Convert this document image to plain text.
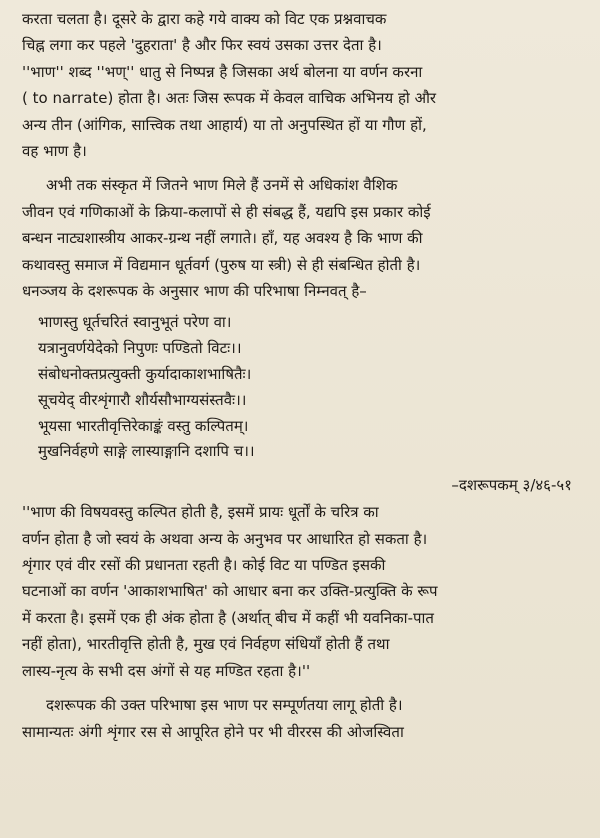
करता चलता है। दूसरे के द्वारा कहे गये वाक्य को विट एक प्रश्नवाचक
चिह्न लगा कर पहले 'दुहराता' है और फिर स्वयं उसका उत्तर देता है।
''भाण'' शब्द ''भण्'' धातु से निष्पन्न है जिसका अर्थ बोलना या वर्णन करना
( to narrate) होता है। अतः जिस रूपक में केवल वाचिक अभिनय हो और
अन्य तीन (आंगिक, सात्त्विक तथा आहार्य) या तो अनुपस्थित हों या गौण हों,
वह भाण है।
अभी तक संस्कृत में जितने भाण मिले हैं उनमें से अधिकांश वैशिक
जीवन एवं गणिकाओं के क्रिया-कलापों से ही संबद्ध हैं, यद्यपि इस प्रकार कोई
बन्धन नाट्यशास्त्रीय आकर-ग्रन्थ नहीं लगाते। हाँ, यह अवश्य है कि भाण की
कथावस्तु समाज में विद्यमान धूर्तवर्ग (पुरुष या स्त्री) से ही संबन्धित होती है।
धनञ्जय के दशरूपक के अनुसार भाण की परिभाषा निम्नवत् है–
भाणस्तु धूर्तचरितं स्वानुभूतं परेण वा।
यत्रानुवर्णयेदेको निपुणः पण्डितो विटः।।
संबोधनोक्तप्रत्युक्ती कुर्यादाकाशभाषितैः।
सूचयेद् वीरशृंगारौ शौर्यसौभाग्यसंस्तवैः।।
भूयसा भारतीवृत्तिरेकाङ्कं वस्तु कल्पितम्।
मुखनिर्वहणे साङ्गे लास्याङ्गानि दशापि च।।
–दशरूपकम् ३/४६-५१
''भाण की विषयवस्तु कल्पित होती है, इसमें प्रायः धूर्तों के चरित्र का
वर्णन होता है जो स्वयं के अथवा अन्य के अनुभव पर आधारित हो सकता है।
शृंगार एवं वीर रसों की प्रधानता रहती है। कोई विट या पण्डित इसकी
घटनाओं का वर्णन 'आकाशभाषित' को आधार बना कर उक्ति-प्रत्युक्ति के रूप
में करता है। इसमें एक ही अंक होता है (अर्थात् बीच में कहीं भी यवनिका-पात
नहीं होता), भारतीवृत्ति होती है, मुख एवं निर्वहण संधियाँ होती हैं तथा
लास्य-नृत्य के सभी दस अंगों से यह मण्डित रहता है।''
दशरूपक की उक्त परिभाषा इस भाण पर सम्पूर्णतया लागू होती है।
सामान्यतः अंगी शृंगार रस से आपूरित होने पर भी वीररस की ओजस्विता
